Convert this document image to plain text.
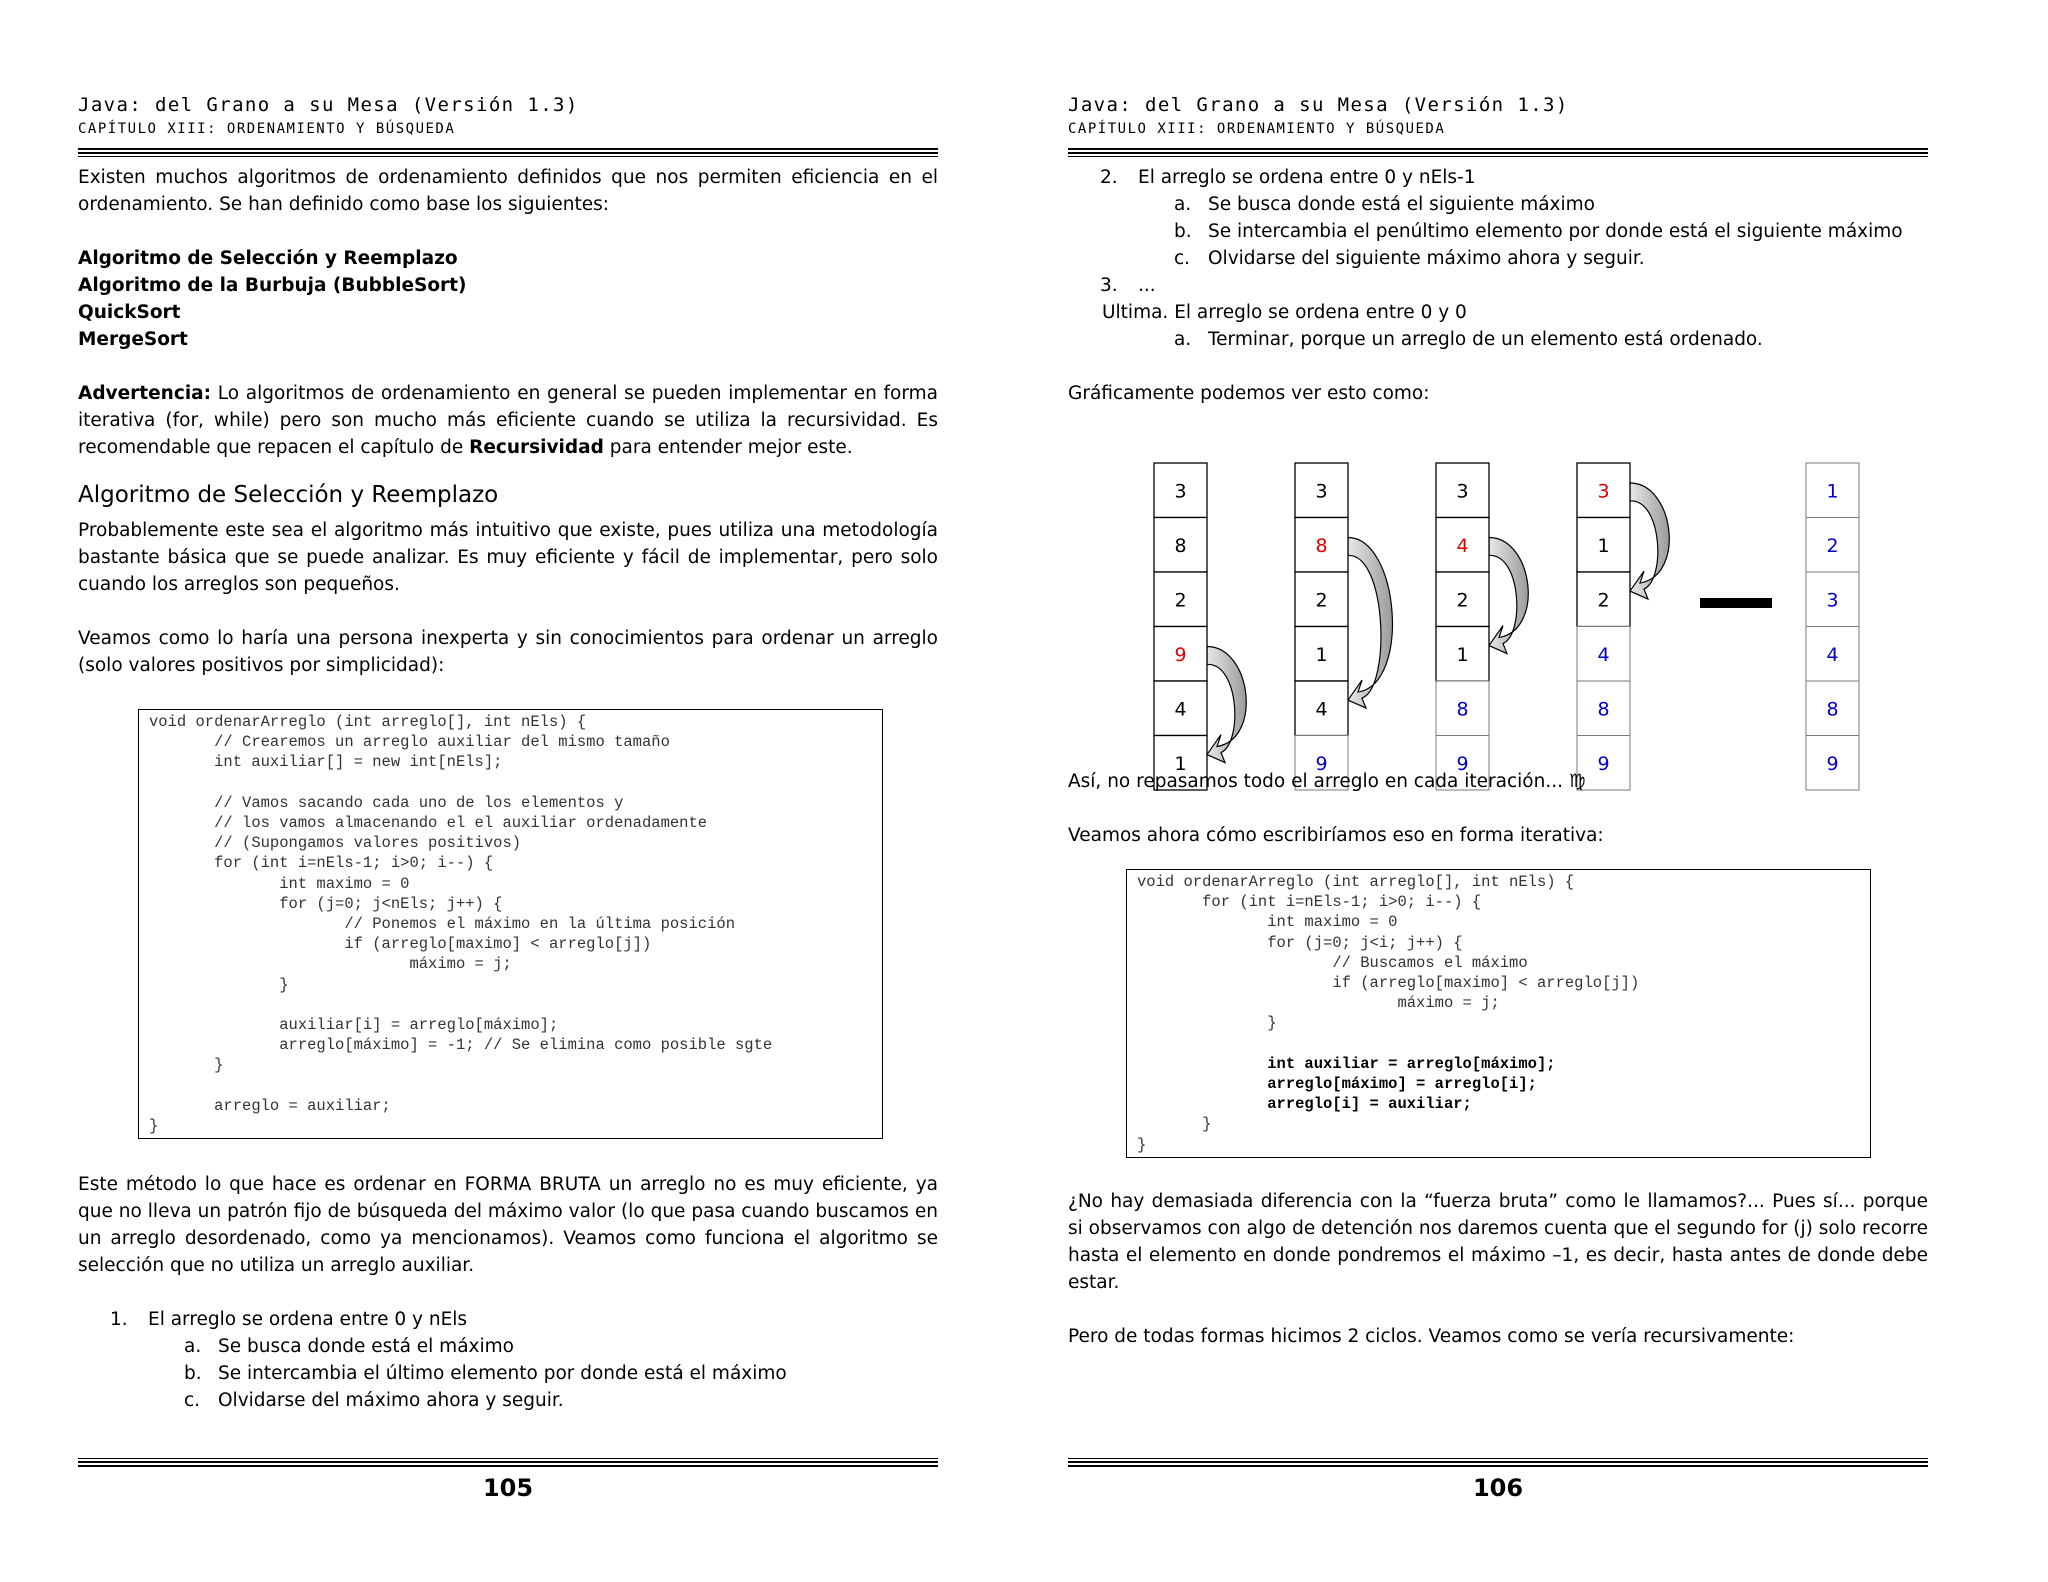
Java: del Grano a su Mesa (Versión 1.3)
CAPÍTULO XIII: ORDENAMIENTO Y BÚSQUEDA

Existen muchos algoritmos de ordenamiento definidos que nos permiten eficiencia en el ordenamiento. Se han definido como base los siguientes:

Algoritmo de Selección y Reemplazo
Algoritmo de la Burbuja (BubbleSort)
QuickSort
MergeSort

Advertencia: Lo algoritmos de ordenamiento en general se pueden implementar en forma iterativa (for, while) pero son mucho más eficiente cuando se utiliza la recursividad. Es recomendable que repacen el capítulo de Recursividad para entender mejor este.

Algoritmo de Selección y Reemplazo

Probablemente este sea el algoritmo más intuitivo que existe, pues utiliza una metodología bastante básica que se puede analizar. Es muy eficiente y fácil de implementar, pero solo cuando los arreglos son pequeños.

Veamos como lo haría una persona inexperta y sin conocimientos para ordenar un arreglo (solo valores positivos por simplicidad):

void ordenarArreglo (int arreglo[], int nEls) {
// Crearemos un arreglo auxiliar del mismo tamaño
int auxiliar[] = new int[nEls];

// Vamos sacando cada uno de los elementos y
// los vamos almacenando el el auxiliar ordenadamente
// (Supongamos valores positivos)
for (int i=nEls-1; i>0; i--) {
int maximo = 0
for (j=0; j<nEls; j++) {
// Ponemos el máximo en la última posición
if (arreglo[maximo] < arreglo[j])
máximo = j;
}

auxiliar[i] = arreglo[máximo];
arreglo[máximo] = -1; // Se elimina como posible sgte
}

arreglo = auxiliar;
}

Este método lo que hace es ordenar en FORMA BRUTA un arreglo no es muy eficiente, ya que no lleva un patrón fijo de búsqueda del máximo valor (lo que pasa cuando buscamos en un arreglo desordenado, como ya mencionamos). Veamos como funciona el algoritmo se selección que no utiliza un arreglo auxiliar.

1. El arreglo se ordena entre 0 y nEls
a. Se busca donde está el máximo
b. Se intercambia el último elemento por donde está el máximo
c. Olvidarse del máximo ahora y seguir.
105
Java: del Grano a su Mesa (Versión 1.3)
CAPÍTULO XIII: ORDENAMIENTO Y BÚSQUEDA
2. El arreglo se ordena entre 0 y nEls-1
a. Se busca donde está el siguiente máximo
b. Se intercambia el penúltimo elemento por donde está el siguiente máximo
c. Olvidarse del siguiente máximo ahora y seguir.
3. ...
Ultima. El arreglo se ordena entre 0 y 0
a. Terminar, porque un arreglo de un elemento está ordenado.

Gráficamente podemos ver esto como:

3
8
2
9
4
1
3
8
2
1
4
9
3
4
2
1
8
9
3
1
2
4
8
9
1
2
3
4
8
9

Así, no repasamos todo el arreglo en cada iteración... ♍

Veamos ahora cómo escribiríamos eso en forma iterativa:

void ordenarArreglo (int arreglo[], int nEls) {
for (int i=nEls-1; i>0; i--) {
int maximo = 0
for (j=0; j<i; j++) {
// Buscamos el máximo
if (arreglo[maximo] < arreglo[j])
máximo = j;
}

int auxiliar = arreglo[máximo];
arreglo[máximo] = arreglo[i];
arreglo[i] = auxiliar;
}
}

¿No hay demasiada diferencia con la “fuerza bruta” como le llamamos?... Pues sí... porque si observamos con algo de detención nos daremos cuenta que el segundo for (j) solo recorre hasta el elemento en donde pondremos el máximo –1, es decir, hasta antes de donde debe estar.

Pero de todas formas hicimos 2 ciclos. Veamos como se vería recursivamente:

106
